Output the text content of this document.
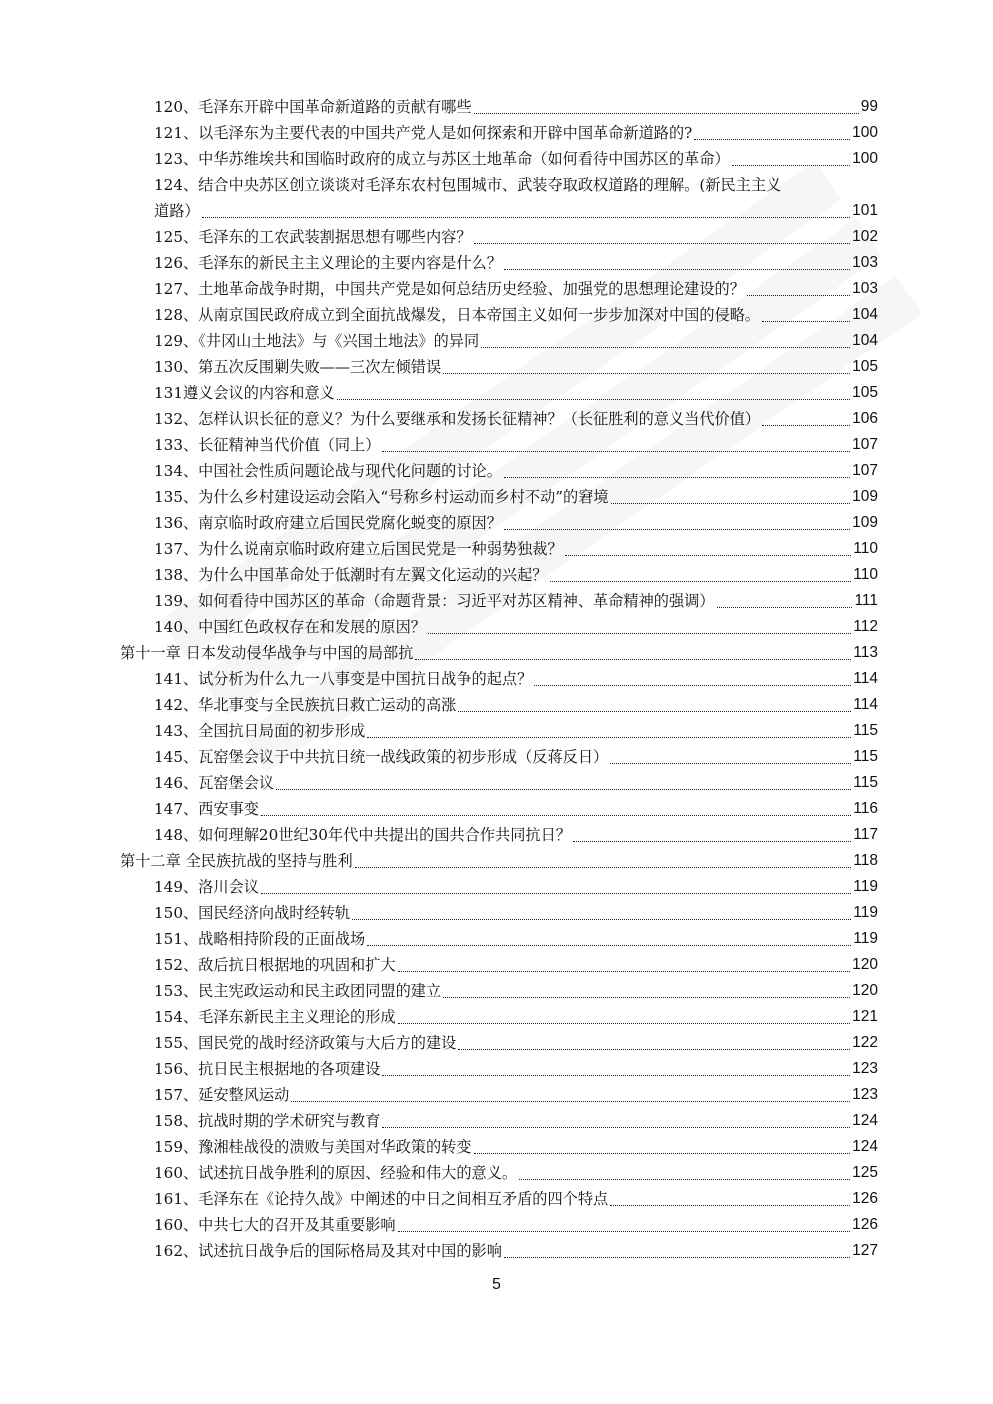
120、毛泽东开辟中国革命新道路的贡献有哪些	99
121、以毛泽东为主要代表的中国共产党人是如何探索和开辟中国革命新道路的?	100
123、中华苏维埃共和国临时政府的成立与苏区土地革命（如何看待中国苏区的革命）	100
124、结合中央苏区创立谈谈对毛泽东农村包围城市、武装夺取政权道路的理解。(新民主主义
道路）	101
125、毛泽东的工农武装割据思想有哪些内容？	102
126、毛泽东的新民主主义理论的主要内容是什么？	103
127、土地革命战争时期，中国共产党是如何总结历史经验、加强党的思想理论建设的？	103
128、从南京国民政府成立到全面抗战爆发，日本帝国主义如何一步步加深对中国的侵略。	104
129、《井冈山土地法》与《兴国土地法》的异同	104
130、第五次反围剿失败——三次左倾错误	105
131遵义会议的内容和意义	105
132、怎样认识长征的意义？为什么要继承和发扬长征精神？（长征胜利的意义当代价值）	106
133、长征精神当代价值（同上）	107
134、中国社会性质问题论战与现代化问题的讨论。	107
135、为什么乡村建设运动会陷入“号称乡村运动而乡村不动”的窘境	109
136、南京临时政府建立后国民党腐化蜕变的原因？	109
137、为什么说南京临时政府建立后国民党是一种弱势独裁？	110
138、为什么中国革命处于低潮时有左翼文化运动的兴起？	110
139、如何看待中国苏区的革命（命题背景：习近平对苏区精神、革命精神的强调）	111
140、中国红色政权存在和发展的原因？	112
第十一章 日本发动侵华战争与中国的局部抗	113
141、试分析为什么九一八事变是中国抗日战争的起点？	114
142、华北事变与全民族抗日救亡运动的高涨	114
143、全国抗日局面的初步形成	115
145、瓦窑堡会议于中共抗日统一战线政策的初步形成（反蒋反日）	115
146、瓦窑堡会议	115
147、西安事变	116
148、如何理解20世纪30年代中共提出的国共合作共同抗日？	117
第十二章 全民族抗战的坚持与胜利	118
149、洛川会议	119
150、国民经济向战时经转轨	119
151、战略相持阶段的正面战场	119
152、敌后抗日根据地的巩固和扩大	120
153、民主宪政运动和民主政团同盟的建立	120
154、毛泽东新民主主义理论的形成	121
155、国民党的战时经济政策与大后方的建设	122
156、抗日民主根据地的各项建设	123
157、延安整风运动	123
158、抗战时期的学术研究与教育	124
159、豫湘桂战役的溃败与美国对华政策的转变	124
160、试述抗日战争胜利的原因、经验和伟大的意义。	125
161、毛泽东在《论持久战》中阐述的中日之间相互矛盾的四个特点	126
160、中共七大的召开及其重要影响	126
162、试述抗日战争后的国际格局及其对中国的影响	127
5
